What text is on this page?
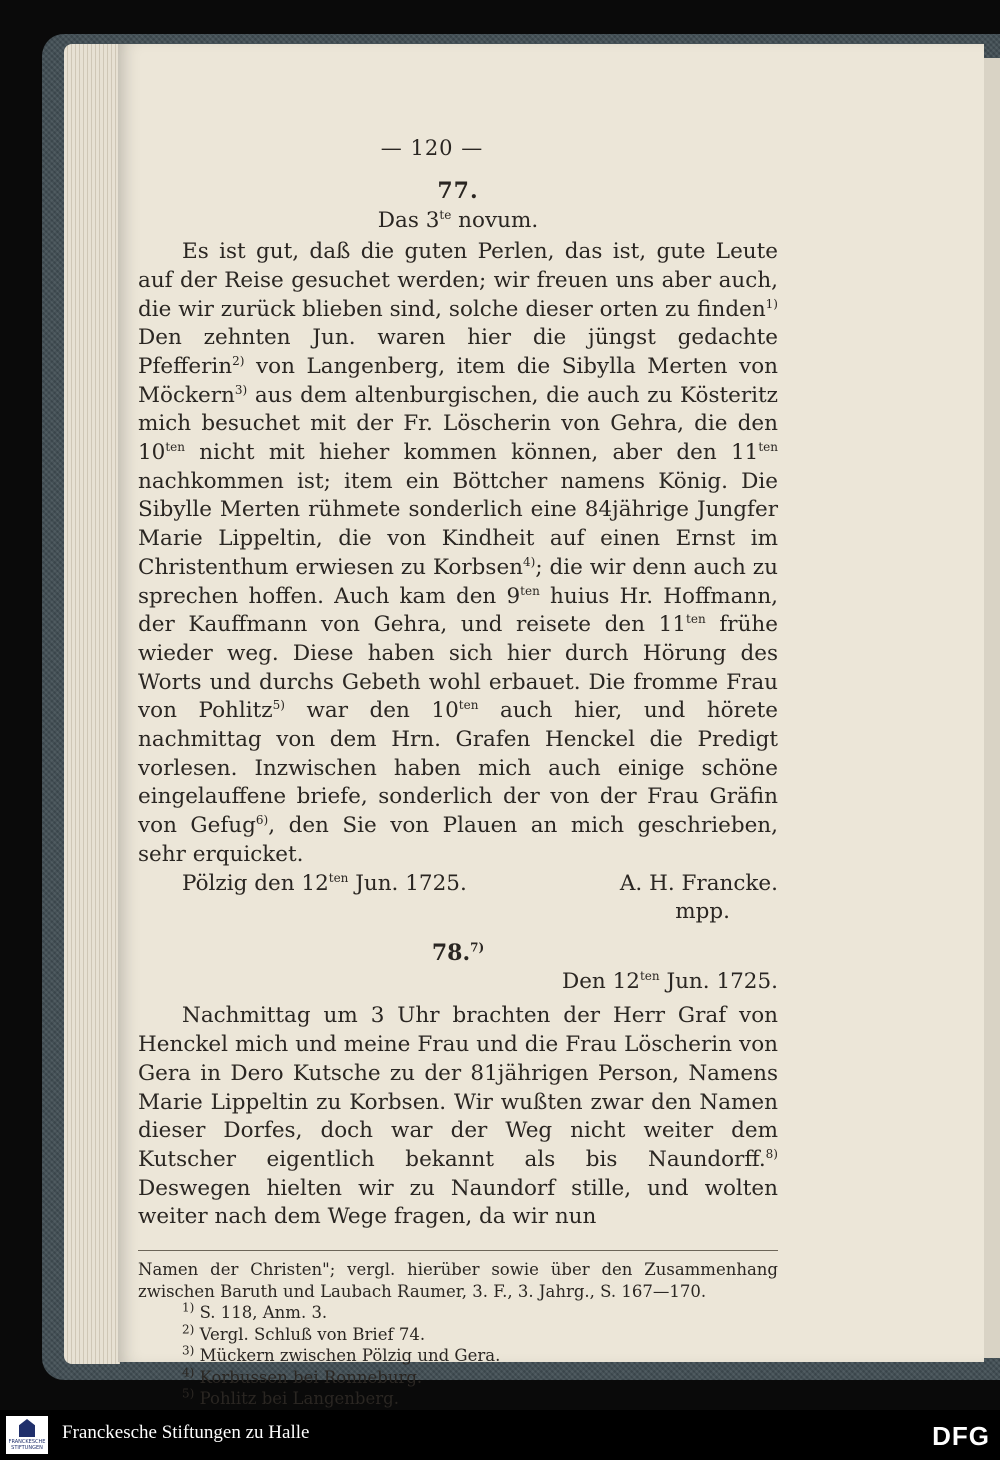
— 120 —
77.
Das $3^{te}$ novum.

Es ist gut, daß die guten Perlen, das ist, gute Leute auf der Reise gesuchet werden; wir freuen uns aber auch, die wir zurück blieben sind, solche dieser orten zu finden$^{1)}$ Den zehnten Jun. waren hier die jüngst gedachte Pfefferin$^{2)}$ von Langenberg, item die Sibylla Merten von Möckern$^{3)}$ aus dem altenburgischen, die auch zu Kösteritz mich besuchet mit der Fr. Löscherin von Gehra, die den $10^{ten}$ nicht mit hieher kommen können, aber den $11^{ten}$ nachkommen ist; item ein Böttcher namens König. Die Sibylle Merten rühmete sonderlich eine 84jährige Jungfer Marie Lippeltin, die von Kindheit auf einen Ernst im Christenthum erwiesen zu Korbsen$^{4)}$; die wir denn auch zu sprechen hoffen. Auch kam den $9^{ten}$ huius Hr. Hoffmann, der Kauffmann von Gehra, und reisete den $11^{ten}$ frühe wieder weg. Diese haben sich hier durch Hörung des Worts und durchs Gebeth wohl erbauet. Die fromme Frau von Pohlitz$^{5)}$ war den $10^{ten}$ auch hier, und hörete nachmittag von dem Hrn. Grafen Henckel die Predigt vorlesen. Inzwischen haben mich auch einige schöne eingelauffene briefe, sonderlich der von der Frau Gräfin von Gefug$^{6)}$, den Sie von Plauen an mich geschrieben, sehr erquicket.

Pölzig den $12^{ten}$ Jun. 1725.	A. H. Francke.
mpp.
78.$^{7)}$
Den $12^{ten}$ Jun. 1725.

Nachmittag um 3 Uhr brachten der Herr Graf von Henckel mich und meine Frau und die Frau Löscherin von Gera in Dero Kutsche zu der 81jährigen Person, Namens Marie Lippeltin zu Korbsen. Wir wußten zwar den Namen dieser Dorfes, doch war der Weg nicht weiter dem Kutscher eigentlich bekannt als bis Naundorff.$^{8)}$ Deswegen hielten wir zu Naundorf stille, und wolten weiter nach dem Wege fragen, da wir nun

Namen der Christen"; vergl. hierüber sowie über den Zusammenhang zwischen Baruth und Laubach Raumer, 3. F., 3. Jahrg., S. 167—170.
$^{1)}$ S. 118, Anm. 3.
$^{2)}$ Vergl. Schluß von Brief 74.
$^{3)}$ Mückern zwischen Pölzig und Gera.
$^{4)}$ Korbussen bei Ronneburg.
$^{5)}$ Pohlitz bei Langenberg.
FRANCKESCHE STIFTUNGEN
Franckesche Stiftungen zu Halle	DFG
